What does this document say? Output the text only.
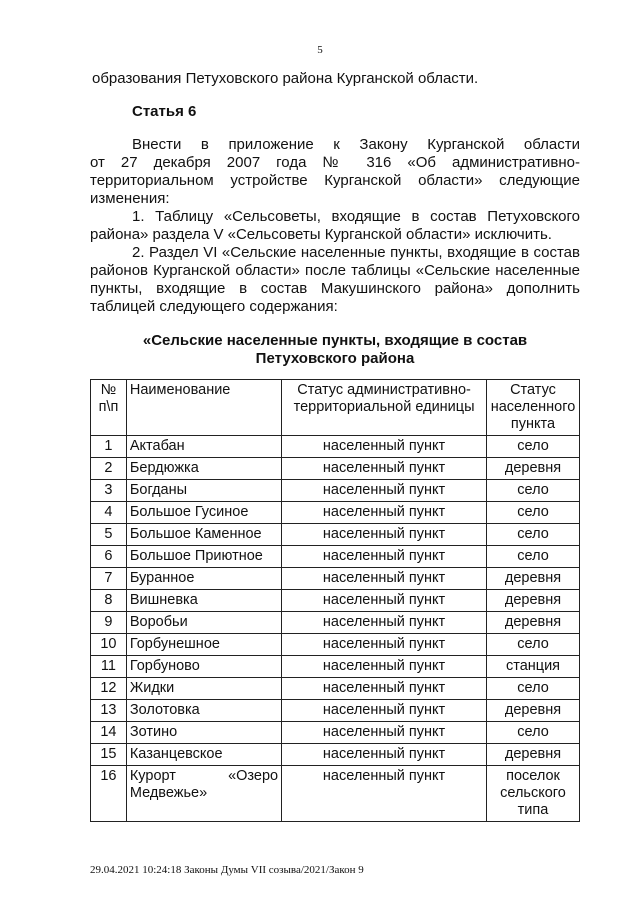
5
образования Петуховского района Курганской области.
Статья 6
Внести в приложение к Закону Курганской области
от 27 декабря 2007 года № 316 «Об административно-
территориальном устройстве Курганской области» следующие
изменения:
1. Таблицу «Сельсоветы, входящие в состав Петуховского
района» раздела V «Сельсоветы Курганской области» исключить.
2. Раздел VI «Сельские населенные пункты, входящие в состав
районов Курганской области» после таблицы «Сельские населенные
пункты, входящие в состав Макушинского района» дополнить
таблицей следующего содержания:
«Сельские населенные пункты, входящие в состав
Петуховского района
№ п\п	Наименование	Статус административно-территориальной единицы	Статус населенного пункта
1	Актабан	населенный пункт	село
2	Бердюжка	населенный пункт	деревня
3	Богданы	населенный пункт	село
4	Большое Гусиное	населенный пункт	село
5	Большое Каменное	населенный пункт	село
6	Большое Приютное	населенный пункт	село
7	Буранное	населенный пункт	деревня
8	Вишневка	населенный пункт	деревня
9	Воробьи	населенный пункт	деревня
10	Горбунешное	населенный пункт	село
11	Горбуново	населенный пункт	станция
12	Жидки	населенный пункт	село
13	Золотовка	населенный пункт	деревня
14	Зотино	населенный пункт	село
15	Казанцевское	населенный пункт	деревня
16	Курорт «Озеро Медвежье»	населенный пункт	поселок сельского типа
29.04.2021 10:24:18 Законы Думы VII созыва/2021/Закон 9
